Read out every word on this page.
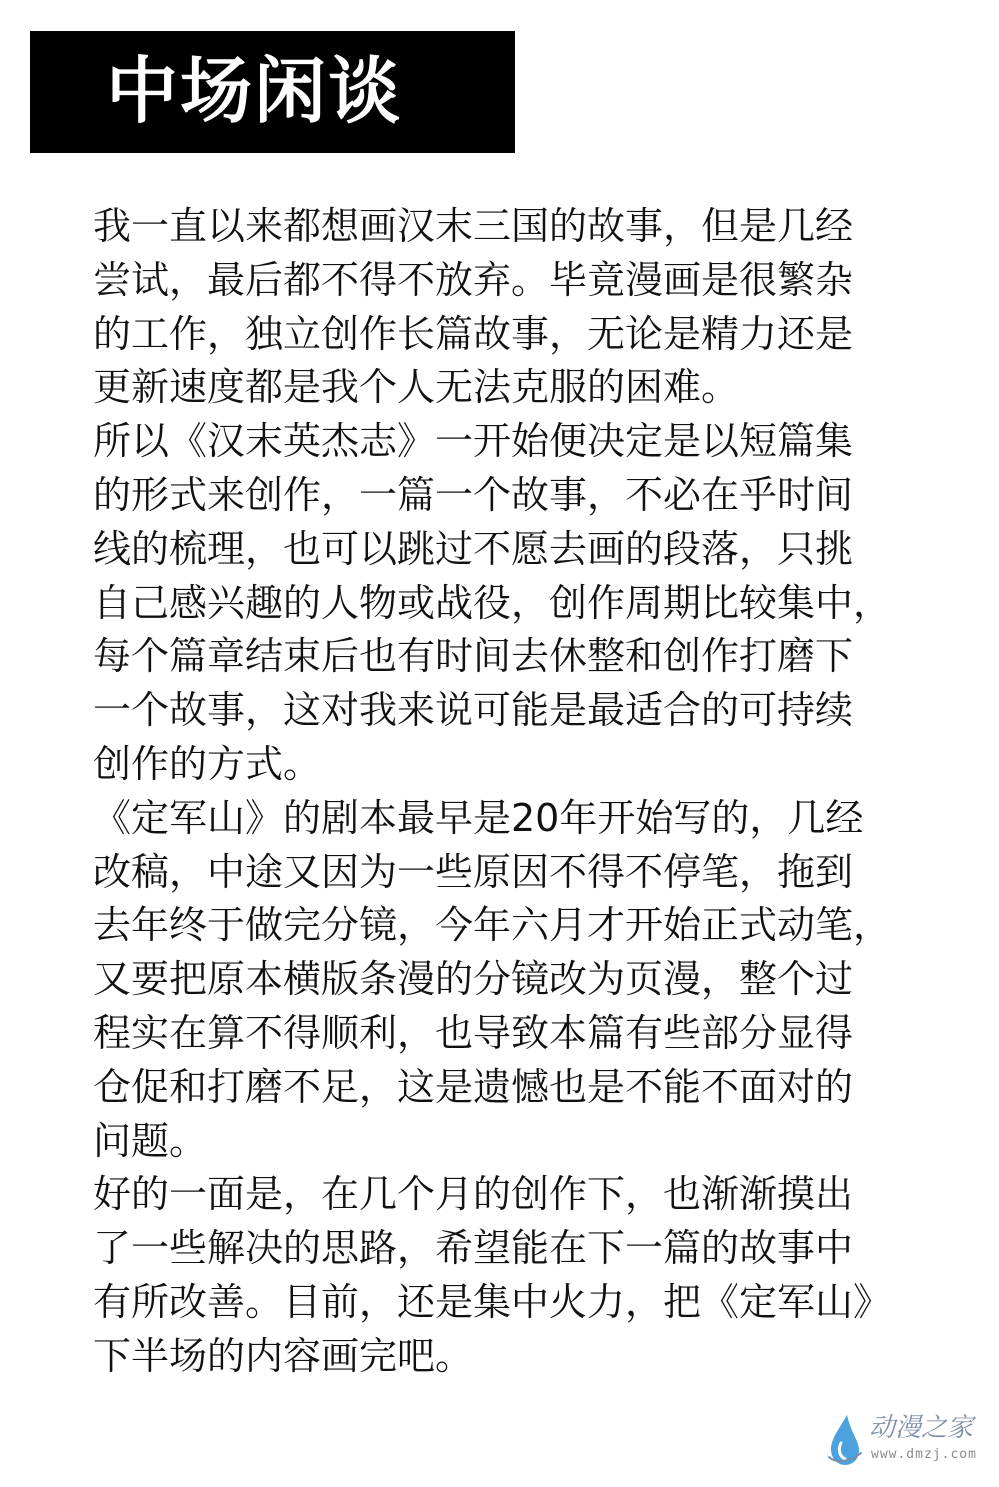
中场闲谈
我一直以来都想画汉末三国的故事，但是几经
尝试，最后都不得不放弃。毕竟漫画是很繁杂
的工作，独立创作长篇故事，无论是精力还是
更新速度都是我个人无法克服的困难。
所以《汉末英杰志》一开始便决定是以短篇集
的形式来创作，一篇一个故事，不必在乎时间
线的梳理，也可以跳过不愿去画的段落，只挑
自己感兴趣的人物或战役，创作周期比较集中，
每个篇章结束后也有时间去休整和创作打磨下
一个故事，这对我来说可能是最适合的可持续
创作的方式。
《定军山》的剧本最早是20年开始写的，几经
改稿，中途又因为一些原因不得不停笔，拖到
去年终于做完分镜，今年六月才开始正式动笔，
又要把原本横版条漫的分镜改为页漫，整个过
程实在算不得顺利，也导致本篇有些部分显得
仓促和打磨不足，这是遗憾也是不能不面对的
问题。
好的一面是，在几个月的创作下，也渐渐摸出
了一些解决的思路，希望能在下一篇的故事中
有所改善。目前，还是集中火力，把《定军山》
下半场的内容画完吧。
动漫之家
www.dmzj.com
